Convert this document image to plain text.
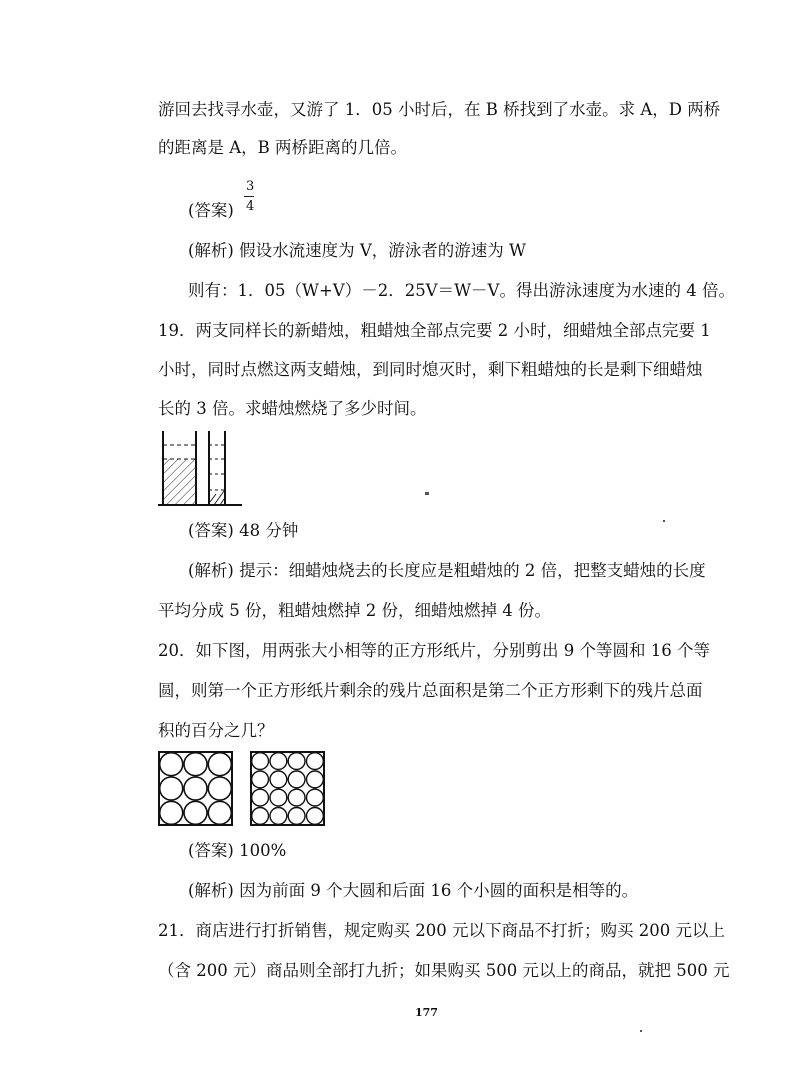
游回去找寻水壶，又游了 1．05 小时后，在 B 桥找到了水壶。求 A，D 两桥
的距离是 A，B 两桥距离的几倍。
(答案)
3
4
(解析) 假设水流速度为 V，游泳者的游速为 W
则有：1．05（W+V）－2．25V＝W－V。得出游泳速度为水速的 4 倍。
19．两支同样长的新蜡烛，粗蜡烛全部点完要 2 小时，细蜡烛全部点完要 1
小时，同时点燃这两支蜡烛，到同时熄灭时，剩下粗蜡烛的长是剩下细蜡烛
长的 3 倍。求蜡烛燃烧了多少时间。
(答案) 48 分钟
(解析) 提示：细蜡烛烧去的长度应是粗蜡烛的 2 倍，把整支蜡烛的长度
平均分成 5 份，粗蜡烛燃掉 2 份，细蜡烛燃掉 4 份。
20．如下图，用两张大小相等的正方形纸片，分别剪出 9 个等圆和 16 个等
圆，则第一个正方形纸片剩余的残片总面积是第二个正方形剩下的残片总面
积的百分之几？
(答案) 100%
(解析) 因为前面 9 个大圆和后面 16 个小圆的面积是相等的。
21．商店进行打折销售，规定购买 200 元以下商品不打折；购买 200 元以上
（含 200 元）商品则全部打九折；如果购买 500 元以上的商品，就把 500 元
177
